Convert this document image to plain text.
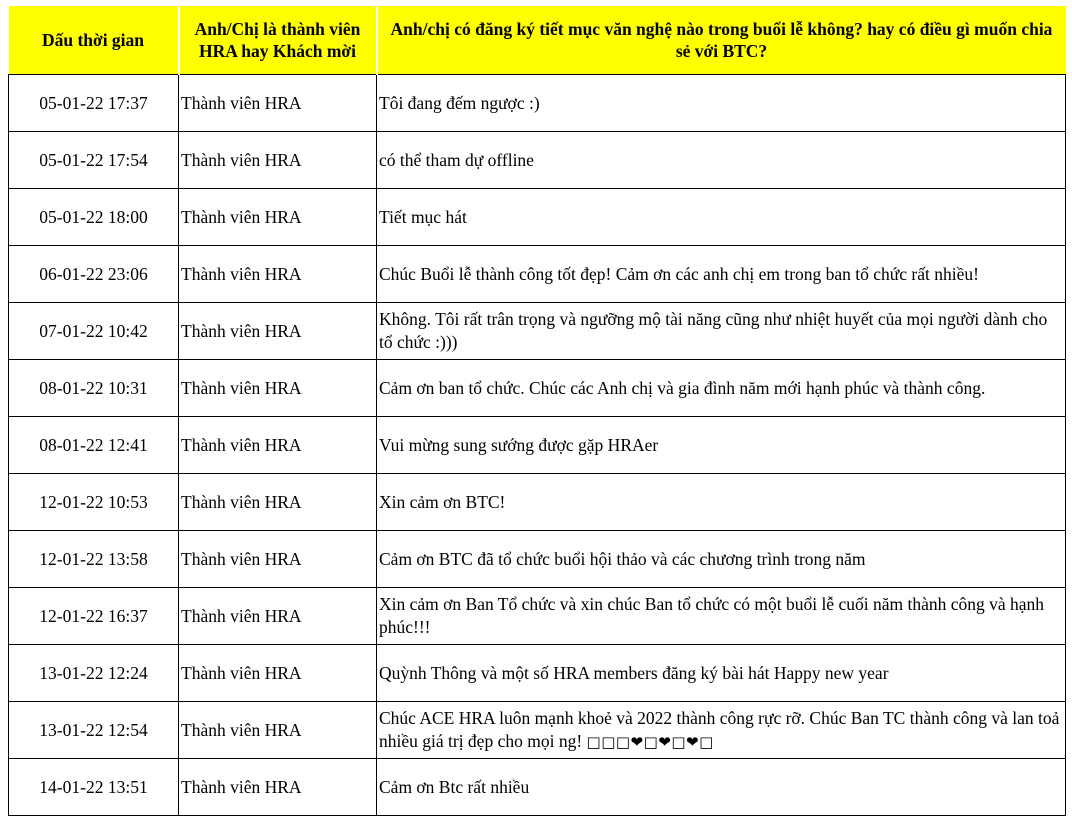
Dấu thời gian	Anh/Chị là thành viên HRA hay Khách mời	Anh/chị có đăng ký tiết mục văn nghệ nào trong buổi lễ không? hay có điều gì muốn chia sẻ với BTC?
05-01-22 17:37	Thành viên HRA	Tôi đang đếm ngược :)
05-01-22 17:54	Thành viên HRA	có thể tham dự offline
05-01-22 18:00	Thành viên HRA	Tiết mục hát
06-01-22 23:06	Thành viên HRA	Chúc Buổi lễ thành công tốt đẹp! Cảm ơn các anh chị em trong ban tổ chức rất nhiều!
07-01-22 10:42	Thành viên HRA	Không. Tôi rất trân trọng và ngưỡng mộ tài năng cũng như nhiệt huyết của mọi người dành cho tổ chức :)))
08-01-22 10:31	Thành viên HRA	Cảm ơn ban tổ chức. Chúc các Anh chị và gia đình năm mới hạnh phúc và thành công.
08-01-22 12:41	Thành viên HRA	Vui mừng sung sướng được gặp HRAer
12-01-22 10:53	Thành viên HRA	Xin cảm ơn BTC!
12-01-22 13:58	Thành viên HRA	Cảm ơn BTC đã tổ chức buổi hội thảo và các chương trình trong năm
12-01-22 16:37	Thành viên HRA	Xin cảm ơn Ban Tổ chức và xin chúc Ban tổ chức có một buổi lễ cuối năm thành công và hạnh phúc!!!
13-01-22 12:24	Thành viên HRA	Quỳnh Thông và một số HRA members đăng ký bài hát Happy new year
13-01-22 12:54	Thành viên HRA	Chúc ACE HRA luôn mạnh khoẻ và 2022 thành công rực rỡ. Chúc Ban TC thành công và lan toả nhiều giá trị đẹp cho mọi ng! □□□❤□❤□❤□
14-01-22 13:51	Thành viên HRA	Cảm ơn Btc rất nhiều
